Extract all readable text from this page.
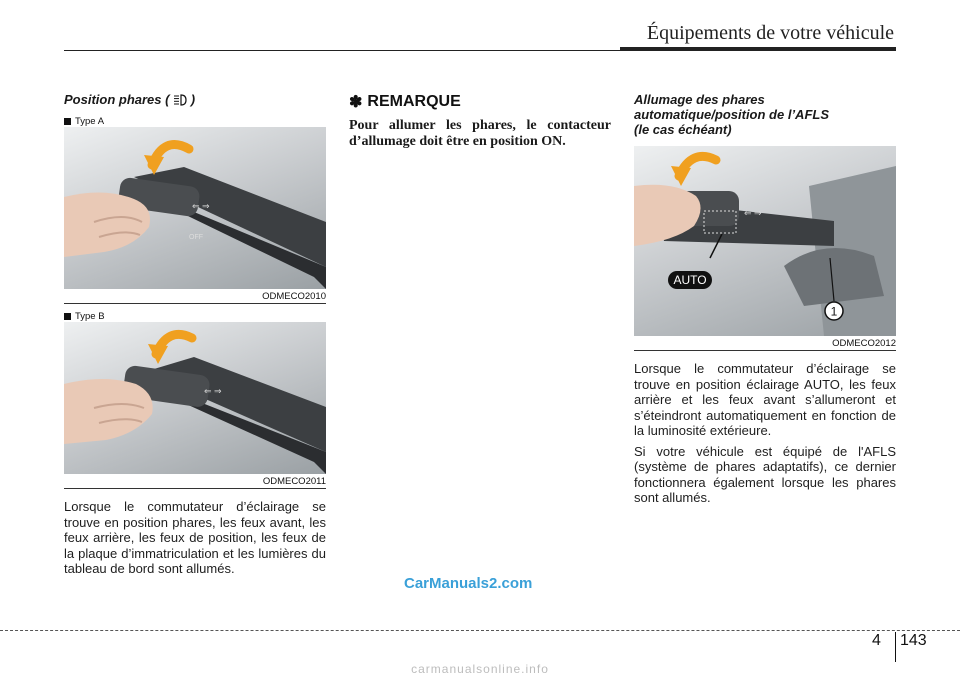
Équipements de votre véhicule

Position phares ( )

Type A
⇐ ⇒
OFF
ODMECO2010
Type B
⇐ ⇒
ODMECO2011

Lorsque le commutateur d’éclairage se trouve en position phares, les feux avant, les feux arrière, les feux de position, les feux de la plaque d’immatriculation et les lumières du tableau de bord sont allumés.

✽ REMARQUE

Pour allumer les phares, le contacteur d’allumage doit être en position ON.

Allumage des phares
automatique/position de l’AFLS
(le cas échéant)

⇐ ⇒
AUTO
1
ODMECO2012

Lorsque le commutateur d’éclairage se trouve en position éclairage AUTO, les feux arrière et les feux avant s’allumeront et s’éteindront automatiquement en fonction de la luminosité extérieure.

Si votre véhicule est équipé de l'AFLS (système de phares adaptatifs), ce dernier fonctionnera également lorsque les phares sont allumés.

CarManuals2.com
4 143
carmanualsonline.info
